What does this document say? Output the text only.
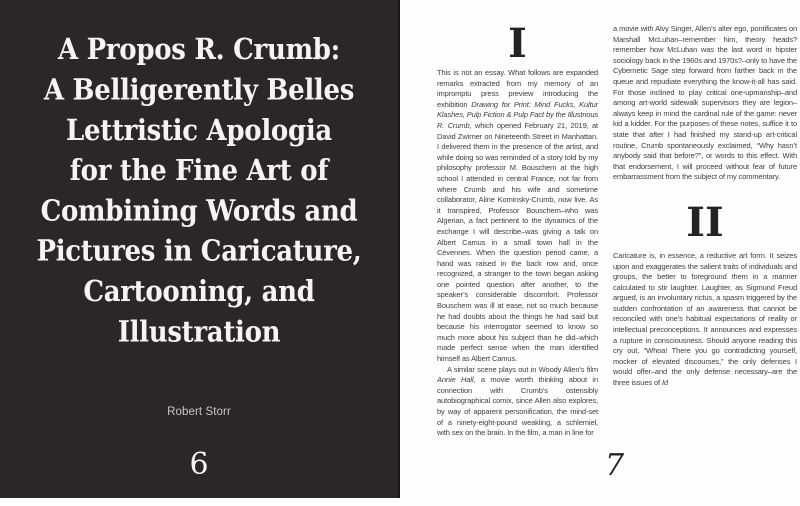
A Propos R. Crumb:
A Belligerently Belles
Lettristic Apologia
for the Fine Art of
Combining Words and
Pictures in Caricature,
Cartooning, and
Illustration
Robert Storr
6
I

This is not an essay. What follows are expanded remarks extracted from my memory of an impromptu press preview introducing the exhibition Drawing for Print: Mind Fucks, Kultur Klashes, Pulp Fiction & Pulp Fact by the Illustrious R. Crumb, which opened February 21, 2019, at David Zwirner on Nineteenth Street in Manhattan. I delivered them in the presence of the artist, and while doing so was reminded of a story told by my philosophy professor M. Bouschem at the high school I attended in central France, not far from where Crumb and his wife and sometime collaborator, Aline Kominsky-Crumb, now live. As it transpired, Professor Bouschem–who was Algerian, a fact pertinent to the dynamics of the exchange I will describe–was giving a talk on Albert Camus in a small town hall in the Cévennes. When the question period came, a hand was raised in the back row and, once recognized, a stranger to the town began asking one pointed question after another, to the speaker’s considerable discomfort. Professor Bouschem was ill at ease, not so much because he had doubts about the things he had said but because his interrogator seemed to know so much more about his subject than he did–which made perfect sense when the man identified himself as Albert Camus.

A similar scene plays out in Woody Allen’s film Annie Hall, a movie worth thinking about in connection with Crumb’s ostensibly autobiographical comix, since Allen also explores, by way of apparent personification, the mind-set of a ninety-eight-pound weakling, a schlemiel, with sex on the brain. In the film, a man in line for

a movie with Alvy Singer, Allen’s alter ego, pontificates on Marshall McLuhan–remember him, theory heads? remember how McLuhan was the last word in hipster sociology back in the 1960s and 1970s?–only to have the Cybernetic Sage step forward from farther back in the queue and repudiate everything the know-it-all has said. For those inclined to play critical one-upmanship–and among art-world sidewalk supervisors they are legion–always keep in mind the cardinal rule of the game: never kid a kidder. For the purposes of these notes, suffice it to state that after I had finished my stand-up art-critical routine, Crumb spontaneously exclaimed, “Why hasn’t anybody said that before?”, or words to this effect. With that endorsement, I will proceed without fear of future embarrassment from the subject of my commentary.

II

Caricature is, in essence, a reductive art form. It seizes upon and exaggerates the salient traits of individuals and groups, the better to foreground them in a manner calculated to stir laughter. Laughter, as Sigmund Freud argued, is an involuntary rictus, a spasm triggered by the sudden confrontation of an awareness that cannot be reconciled with one’s habitual expectations of reality or intellectual preconceptions. It announces and expresses a rupture in consciousness. Should anyone reading this cry out, “Whoa! There you go contradicting yourself, mocker of elevated discourses,” the only defenses I would offer–and the only defense necessary–are the three issues of Id

7
